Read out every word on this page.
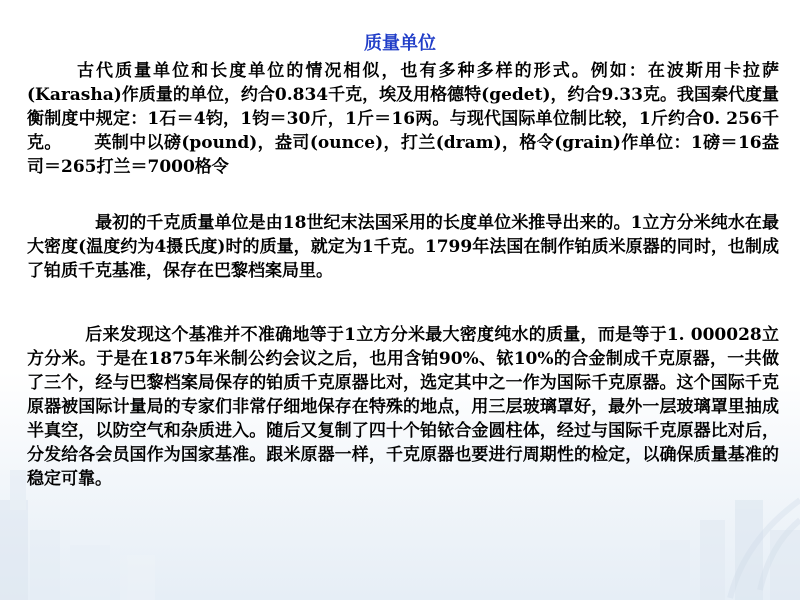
质量单位

古代质量单位和长度单位的情况相似，也有多种多样的形式。例如：在波斯用卡拉萨(Karasha)作质量的单位，约合0.834千克，埃及用格德特(gedet)，约合9.33克。我国秦代度量衡制度中规定：1石＝4钧，1钧＝30斤，1斤＝16两。与现代国际单位制比较，1斤约合0. 256千克。　　 英制中以磅(pound)，盎司(ounce)，打兰(dram)，格令(grain)作单位：1磅＝16盎司＝265打兰＝7000格令

最初的千克质量单位是由18世纪末法国采用的长度单位米推导出来的。1立方分米纯水在最大密度(温度约为4摄氏度)时的质量，就定为1千克。1799年法国在制作铂质米原器的同时，也制成了铂质千克基准，保存在巴黎档案局里。

后来发现这个基准并不准确地等于1立方分米最大密度纯水的质量，而是等于1. 000028立方分米。于是在1875年米制公约会议之后，也用含铂90%、铱10%的合金制成千克原器，一共做了三个，经与巴黎档案局保存的铂质千克原器比对，选定其中之一作为国际千克原器。这个国际千克原器被国际计量局的专家们非常仔细地保存在特殊的地点，用三层玻璃罩好，最外一层玻璃罩里抽成半真空，以防空气和杂质进入。随后又复制了四十个铂铱合金圆柱体，经过与国际千克原器比对后，分发给各会员国作为国家基准。跟米原器一样，千克原器也要进行周期性的检定，以确保质量基准的稳定可靠。
